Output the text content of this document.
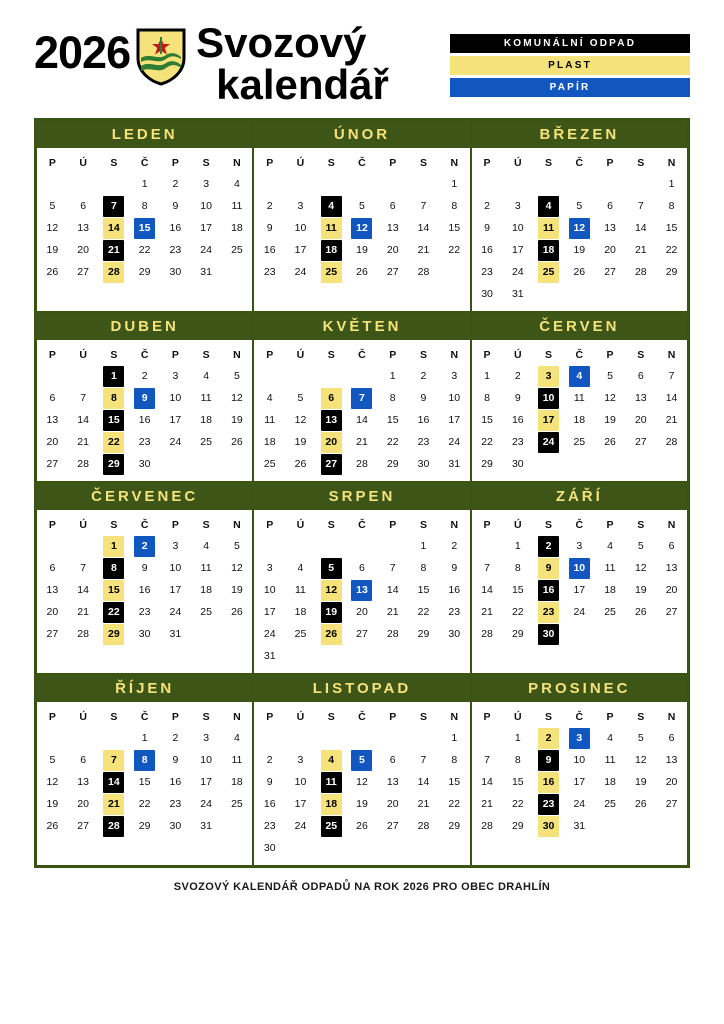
2026 Svozový
kalendář
KOMUNÁLNÍ ODPAD
PLAST
PAPÍR
LEDEN
P	Ú	S	Č	P	S	N

			1	2	3	4

5	6	7	8	9	10	11

12	13	14	15	16	17	18

19	20	21	22	23	24	25

26	27	28	29	30	31	

ÚNOR
P	Ú	S	Č	P	S	N

						1

2	3	4	5	6	7	8

9	10	11	12	13	14	15

16	17	18	19	20	21	22

23	24	25	26	27	28	

BŘEZEN
P	Ú	S	Č	P	S	N

						1

2	3	4	5	6	7	8

9	10	11	12	13	14	15

16	17	18	19	20	21	22

23	24	25	26	27	28	29

30	31					

DUBEN
P	Ú	S	Č	P	S	N

		1	2	3	4	5

6	7	8	9	10	11	12

13	14	15	16	17	18	19

20	21	22	23	24	25	26

27	28	29	30			

KVĚTEN
P	Ú	S	Č	P	S	N

				1	2	3

4	5	6	7	8	9	10

11	12	13	14	15	16	17

18	19	20	21	22	23	24

25	26	27	28	29	30	31
ČERVEN
P	Ú	S	Č	P	S	N

1	2	3	4	5	6	7

8	9	10	11	12	13	14

15	16	17	18	19	20	21

22	23	24	25	26	27	28

29	30					

ČERVENEC
P	Ú	S	Č	P	S	N

		1	2	3	4	5

6	7	8	9	10	11	12

13	14	15	16	17	18	19

20	21	22	23	24	25	26

27	28	29	30	31		

SRPEN
P	Ú	S	Č	P	S	N

					1	2

3	4	5	6	7	8	9

10	11	12	13	14	15	16

17	18	19	20	21	22	23

24	25	26	27	28	29	30

31						

ZÁŘÍ
P	Ú	S	Č	P	S	N

	1	2	3	4	5	6

7	8	9	10	11	12	13

14	15	16	17	18	19	20

21	22	23	24	25	26	27

28	29	30				

ŘÍJEN
P	Ú	S	Č	P	S	N

			1	2	3	4

5	6	7	8	9	10	11

12	13	14	15	16	17	18

19	20	21	22	23	24	25

26	27	28	29	30	31	

LISTOPAD
P	Ú	S	Č	P	S	N

						1

2	3	4	5	6	7	8

9	10	11	12	13	14	15

16	17	18	19	20	21	22

23	24	25	26	27	28	29

30						

PROSINEC
P	Ú	S	Č	P	S	N

	1	2	3	4	5	6

7	8	9	10	11	12	13

14	15	16	17	18	19	20

21	22	23	24	25	26	27

28	29	30	31			

SVOZOVÝ KALENDÁŘ ODPADŮ NA ROK 2026 PRO OBEC DRAHLÍN
